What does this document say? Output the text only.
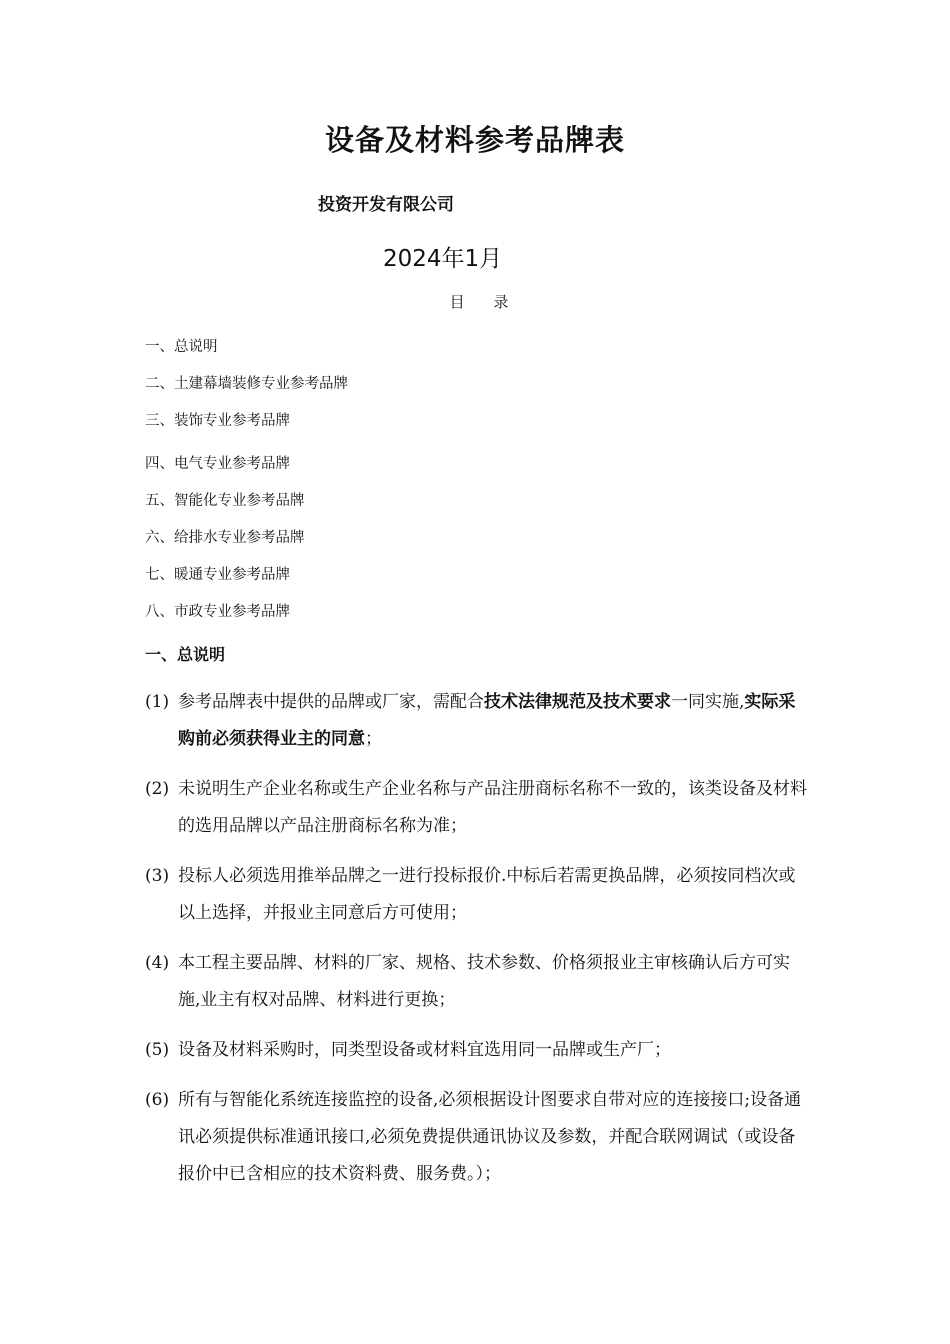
设备及材料参考品牌表
投资开发有限公司
2024年1月
目 录
一、总说明
二、土建幕墙装修专业参考品牌
三、装饰专业参考品牌
四、电气专业参考品牌
五、智能化专业参考品牌
六、给排水专业参考品牌
七、暖通专业参考品牌
八、市政专业参考品牌
一、总说明
(1) 参考品牌表中提供的品牌或厂家，需配合技术法律规范及技术要求一同实施,实际采购前必须获得业主的同意；
(2) 未说明生产企业名称或生产企业名称与产品注册商标名称不一致的，该类设备及材料的选用品牌以产品注册商标名称为准；
(3) 投标人必须选用推举品牌之一进行投标报价.中标后若需更换品牌，必须按同档次或以上选择，并报业主同意后方可使用；
(4) 本工程主要品牌、材料的厂家、规格、技术参数、价格须报业主审核确认后方可实施,业主有权对品牌、材料进行更换；
(5) 设备及材料采购时，同类型设备或材料宜选用同一品牌或生产厂；
(6) 所有与智能化系统连接监控的设备,必须根据设计图要求自带对应的连接接口;设备通讯必须提供标准通讯接口,必须免费提供通讯协议及参数，并配合联网调试（或设备报价中已含相应的技术资料费、服务费。）；
